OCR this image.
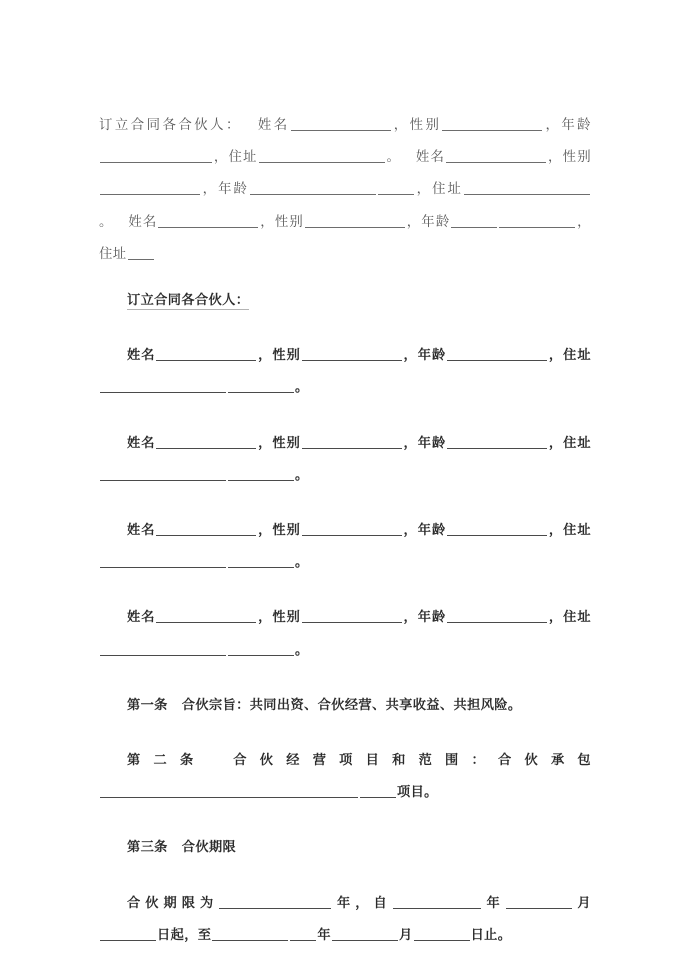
订立合同各合伙人： 姓名	，性别	，年龄，住址	。 姓名	，性别，年龄	，住址。 姓名	，性别	，年龄	，住址

订立合同各合伙人：

姓名	，性别	，年龄	，住址。

姓名	，性别	，年龄	，住址。

姓名	，性别	，年龄	，住址。

姓名	，性别	，年龄	，住址。

第一条 合伙宗旨：共同出资、合伙经营、共享收益、共担风险。

第二条 合伙经营项目和范围：合伙承包项目。

第三条 合伙期限

合伙期限为	年，自	年	月日起，至	年	月	日止。
